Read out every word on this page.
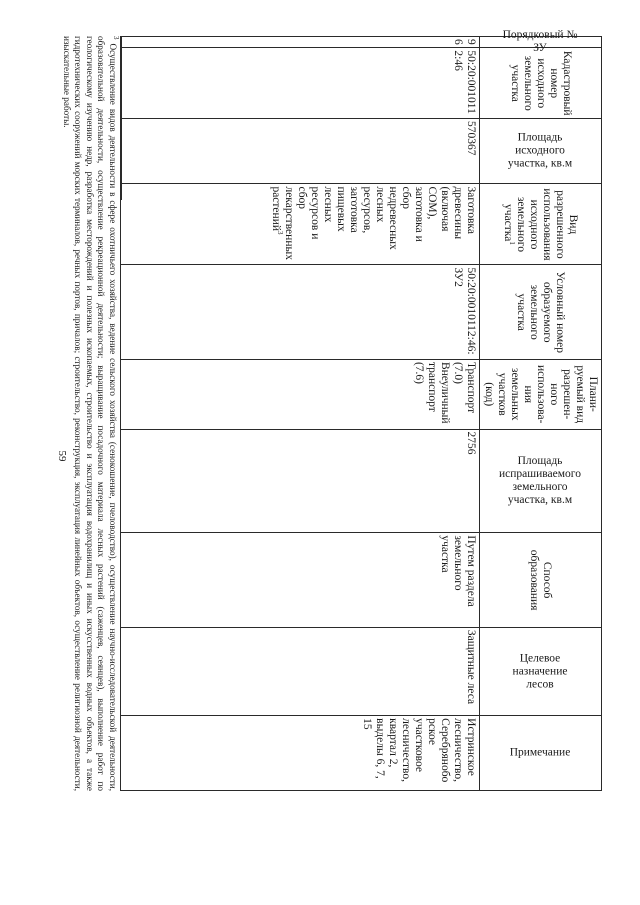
59
Порядковый № ЗУ	Кадастровый номер исходного земельного участка	Площадь исходного участка, кв.м	Вид разрешенного использования исходного земельного участка$^1$	Условный номер образуемого земельного участка	Плани-руемый вид разрешен-ного использова-ния земельных участков (код)	Площадь испрашиваемого земельного участка, кв.м	Способ образования	Целевое назначение лесов	Примечание

96	50:20:0010112:46	570367	Заготовка древесины (включая СОМ), заготовка и сбор недревесных лесных ресурсов, заготовка пищевых лесных ресурсов и сбор лекарственных растений$^3$	50:20:0010112:46:ЗУ2	Транспорт (7.0)
Внеуличный транспорт (7.6)	2756	Путем раздела земельного участка	Защитные леса	Истринское лесничество, Серебряноборское участковое лесничество, квартал 2, выделы 6, 7, 15
$^3$ Осуществление видов деятельности в сфере охотничьего хозяйства, ведение сельского хозяйства (сенокошение, пчеловодство), осуществление научно-исследовательской деятельности, образовательной деятельности, осуществление рекреационной деятельности; выращивание посадочного материала лесных растений (саженцев, сеянцев), выполнение работ по геологическому изучению недр, разработка месторождений и полезных ископаемых, строительство и эксплуатация водохранилищ и иных искусственных водных объектов, а также гидротехнических сооружений морских терминалов, речных портов, причалов; строительство, реконструкция, эксплуатация линейных объектов, осуществление религиозной деятельности, изыскательные работы.
